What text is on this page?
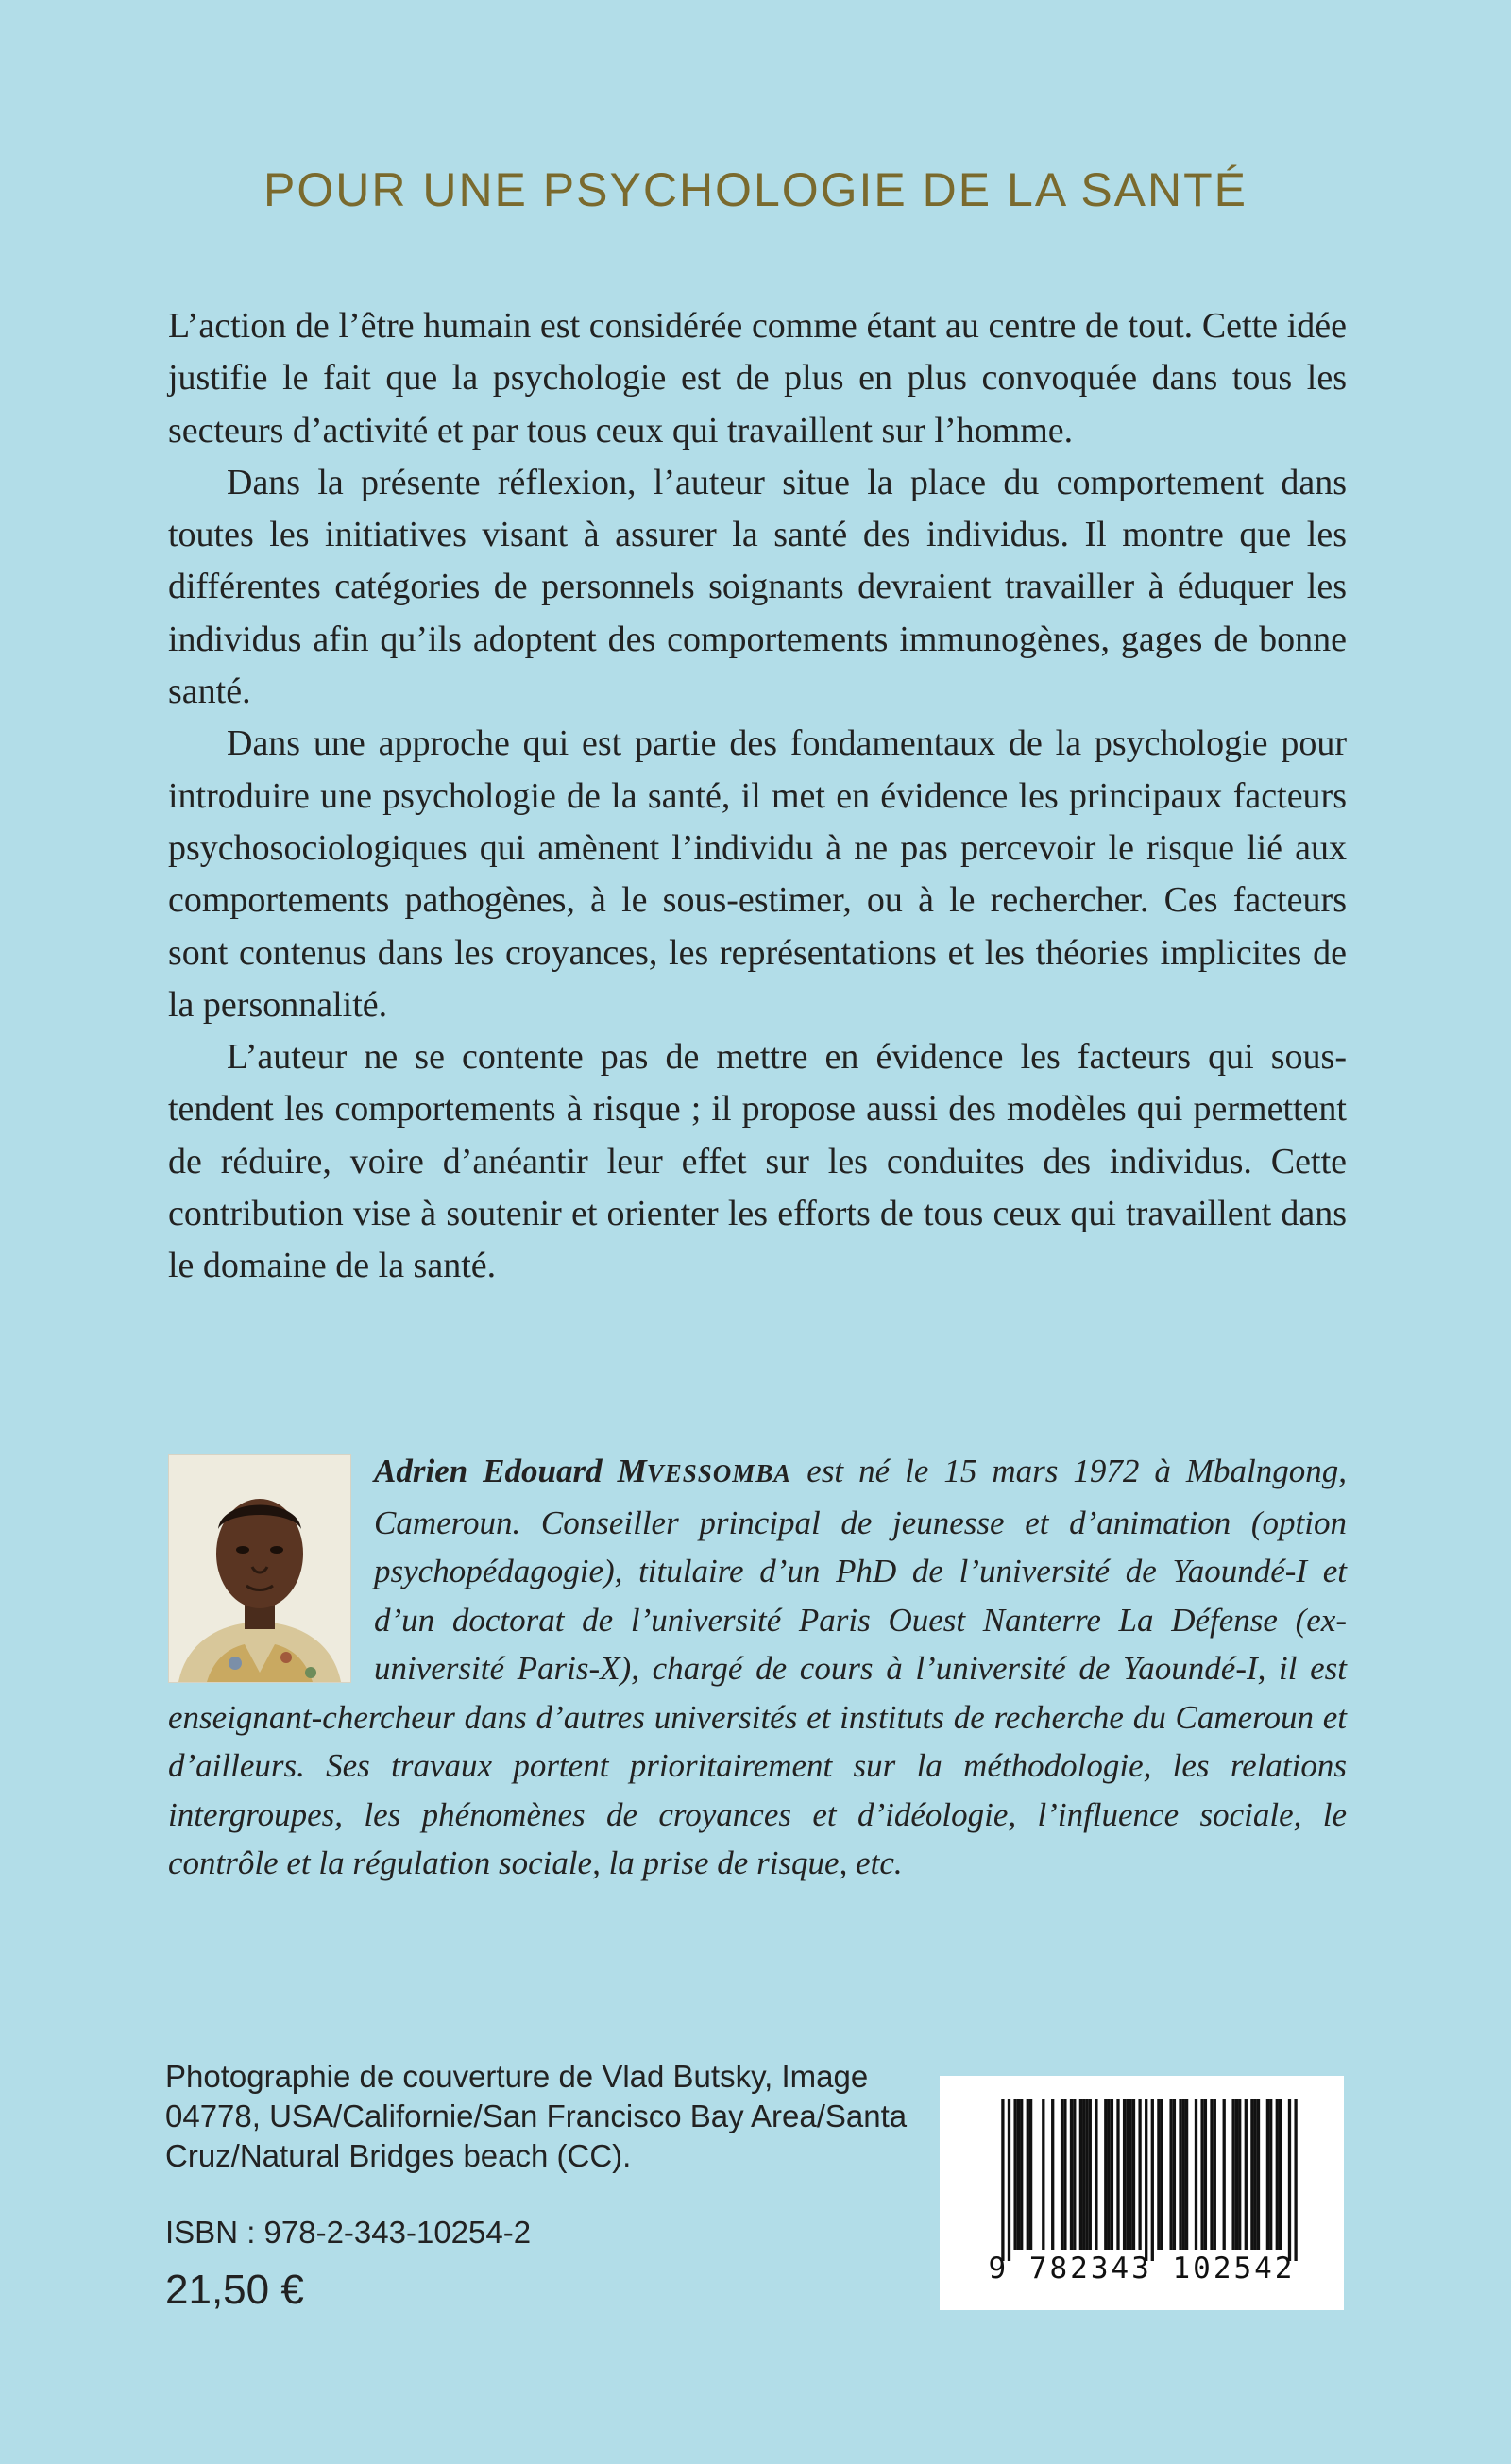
POUR UNE PSYCHOLOGIE DE LA SANTÉ

L’action de l’être humain est considérée comme étant au centre de tout. Cette idée justifie le fait que la psychologie est de plus en plus convoquée dans tous les secteurs d’activité et par tous ceux qui travaillent sur l’homme.

Dans la présente réflexion, l’auteur situe la place du comportement dans toutes les initiatives visant à assurer la santé des individus. Il montre que les différentes catégories de personnels soignants devraient travailler à éduquer les individus afin qu’ils adoptent des comportements immunogènes, gages de bonne santé.

Dans une approche qui est partie des fondamentaux de la psychologie pour introduire une psychologie de la santé, il met en évidence les principaux facteurs psychosociologiques qui amènent l’individu à ne pas percevoir le risque lié aux comportements pathogènes, à le sous-estimer, ou à le rechercher. Ces facteurs sont contenus dans les croyances, les représentations et les théories implicites de la personnalité.

L’auteur ne se contente pas de mettre en évidence les facteurs qui sous-tendent les comportements à risque ; il propose aussi des modèles qui permettent de réduire, voire d’anéantir leur effet sur les conduites des individus. Cette contribution vise à soutenir et orienter les efforts de tous ceux qui travaillent dans le domaine de la santé.

Adrien Edouard MVESSOMBA est né le 15 mars 1972 à Mbalngong, Cameroun. Conseiller principal de jeunesse et d’animation (option psychopédagogie), titulaire d’un PhD de l’université de Yaoundé-I et d’un doctorat de l’université Paris Ouest Nanterre La Défense (ex-université Paris-X), chargé de cours à l’université de Yaoundé-I, il est enseignant-chercheur dans d’autres universités et instituts de recherche du Cameroun et d’ailleurs. Ses travaux portent prioritairement sur la méthodologie, les relations intergroupes, les phénomènes de croyances et d’idéologie, l’influence sociale, le contrôle et la régulation sociale, la prise de risque, etc.
Photographie de couverture de Vlad Butsky, Image 04778, USA/Californie/San Francisco Bay Area/Santa Cruz/Natural Bridges beach (CC).
ISBN : 978-2-343-10254-2
21,50 €	9 782343 102542
